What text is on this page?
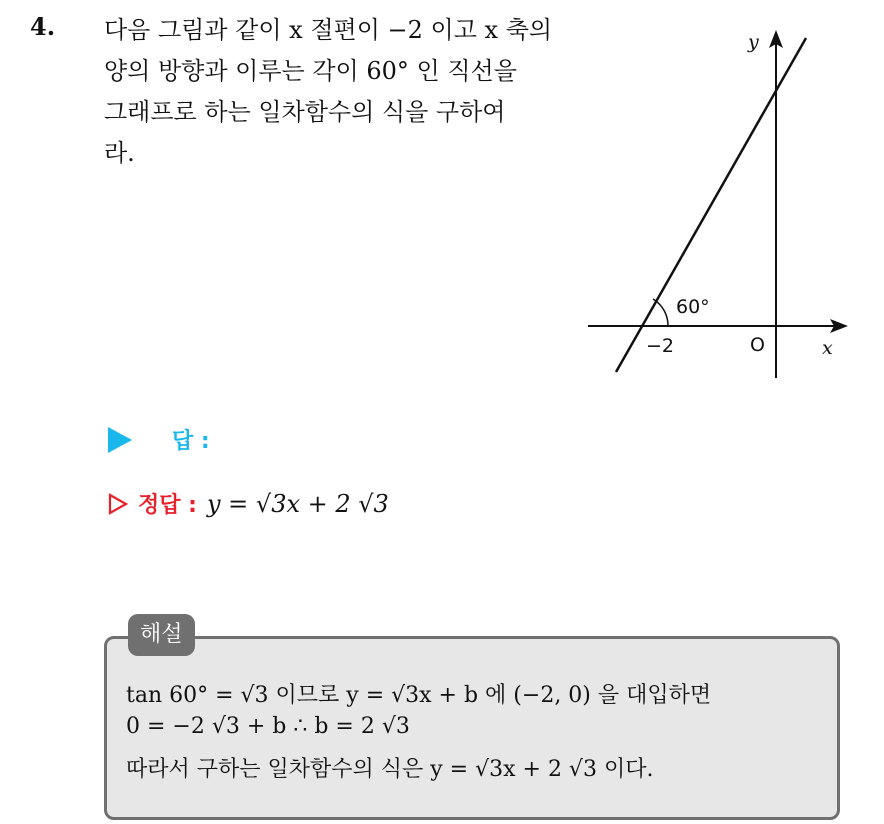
4. 다음 그림과 같이 x 절편이 −2 이고 x 축의
양의 방향과 이루는 각이 60° 인 직선을
그래프로 하는 일차함수의 식을 구하여
라.
y
x
O
−2
60°
답 :
정답 : y = √3x + 2 √3
해설
tan 60° = √3 이므로 y = √3x + b 에 (−2, 0) 을 대입하면
0 = −2 √3 + b ∴ b = 2 √3
따라서 구하는 일차함수의 식은 y = √3x + 2 √3 이다.
